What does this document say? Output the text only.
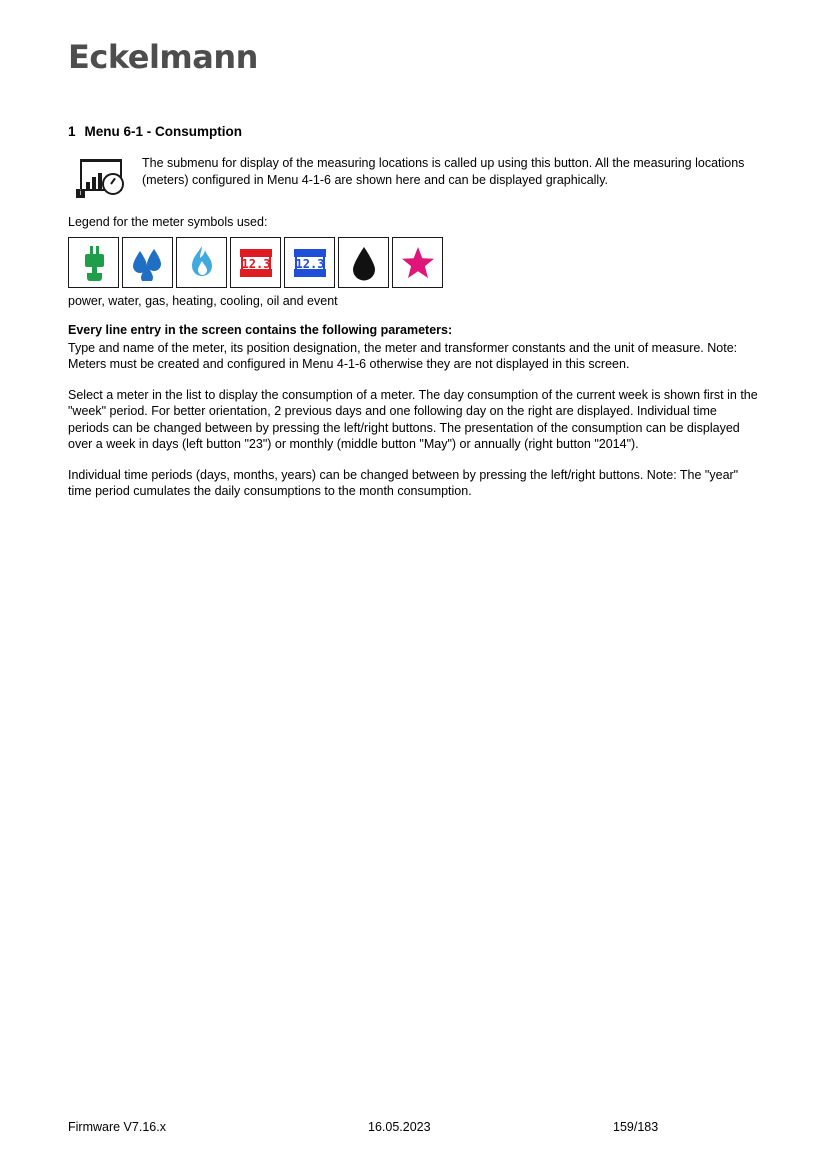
Eckelmann
1 Menu 6-1 - Consumption
i
The submenu for display of the measuring locations is called up using this button. All the measuring locations (meters) configured in Menu 4-1-6 are shown here and can be displayed graphically.
Legend for the meter symbols used:
12.3 12.3
power, water, gas, heating, cooling, oil and event
Every line entry in the screen contains the following parameters:

Type and name of the meter, its position designation, the meter and transformer constants and the unit of measure. Note: Meters must be created and configured in Menu 4-1-6 otherwise they are not displayed in this screen.

Select a meter in the list to display the consumption of a meter. The day consumption of the current week is shown first in the "week" period. For better orientation, 2 previous days and one following day on the right are displayed. Individual time periods can be changed between by pressing the left/right buttons. The presentation of the consumption can be displayed over a week in days (left button "23") or monthly (middle button "May") or annually (right button "2014").

Individual time periods (days, months, years) can be changed between by pressing the left/right buttons. Note: The "year" time period cumulates the daily consumptions to the month consumption.

Firmware V7.16.x	16.05.2023	159/183
